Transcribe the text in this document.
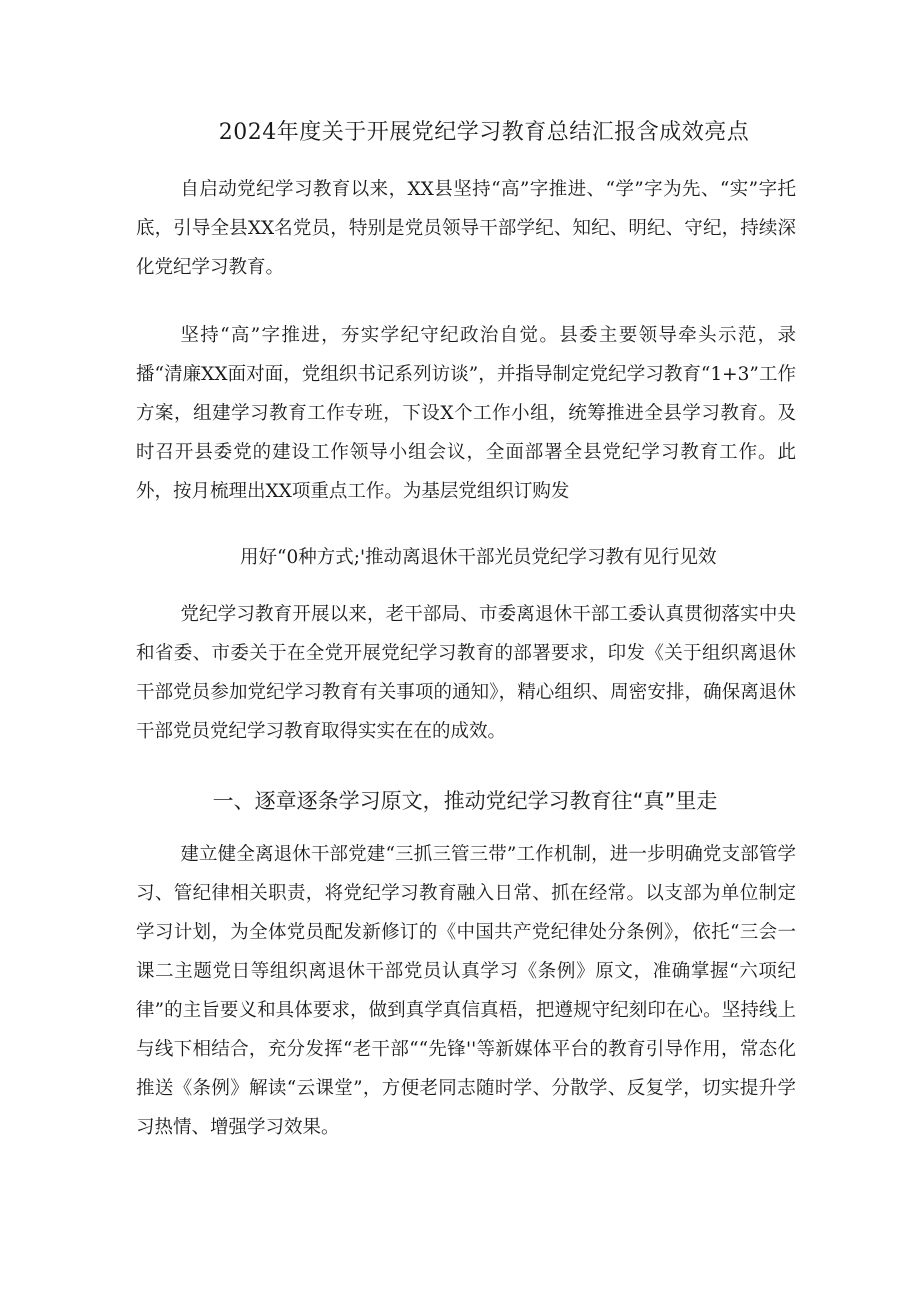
2024年度关于开展党纪学习教育总结汇报含成效亮点

自启动党纪学习教育以来，XX县坚持“高”字推进、“学”字为先、“实”字托底，引导全县XX名党员，特别是党员领导干部学纪、知纪、明纪、守纪，持续深化党纪学习教育。

坚持“高”字推进，夯实学纪守纪政治自觉。县委主要领导牵头示范，录播“清廉XX面对面，党组织书记系列访谈”，并指导制定党纪学习教育“1+3”工作方案，组建学习教育工作专班，下设X个工作小组，统筹推进全县学习教育。及时召开县委党的建设工作领导小组会议，全面部署全县党纪学习教育工作。此外，按月梳理出XX项重点工作。为基层党组织订购发

用好“0种方式;'推动离退休干部光员党纪学习教有见行见效

党纪学习教育开展以来，老干部局、市委离退休干部工委认真贯彻落实中央和省委、市委关于在全党开展党纪学习教育的部署要求，印发《关于组织离退休干部党员参加党纪学习教育有关事项的通知》，精心组织、周密安排，确保离退休干部党员党纪学习教育取得实实在在的成效。

一、逐章逐条学习原文，推动党纪学习教育往“真”里走

建立健全离退休干部党建“三抓三管三带”工作机制，进一步明确党支部管学习、管纪律相关职责，将党纪学习教育融入日常、抓在经常。以支部为单位制定学习计划，为全体党员配发新修订的《中国共产党纪律处分条例》，依托“三会一课二主题党日等组织离退休干部党员认真学习《条例》原文，准确掌握“六项纪律”的主旨要义和具体要求，做到真学真信真梧，把遵规守纪刻印在心。坚持线上与线下相结合，充分发挥“老干部““先锋''等新媒体平台的教育引导作用，常态化推送《条例》解读“云课堂”，方便老同志随时学、分散学、反复学，切实提升学习热情、增强学习效果。
